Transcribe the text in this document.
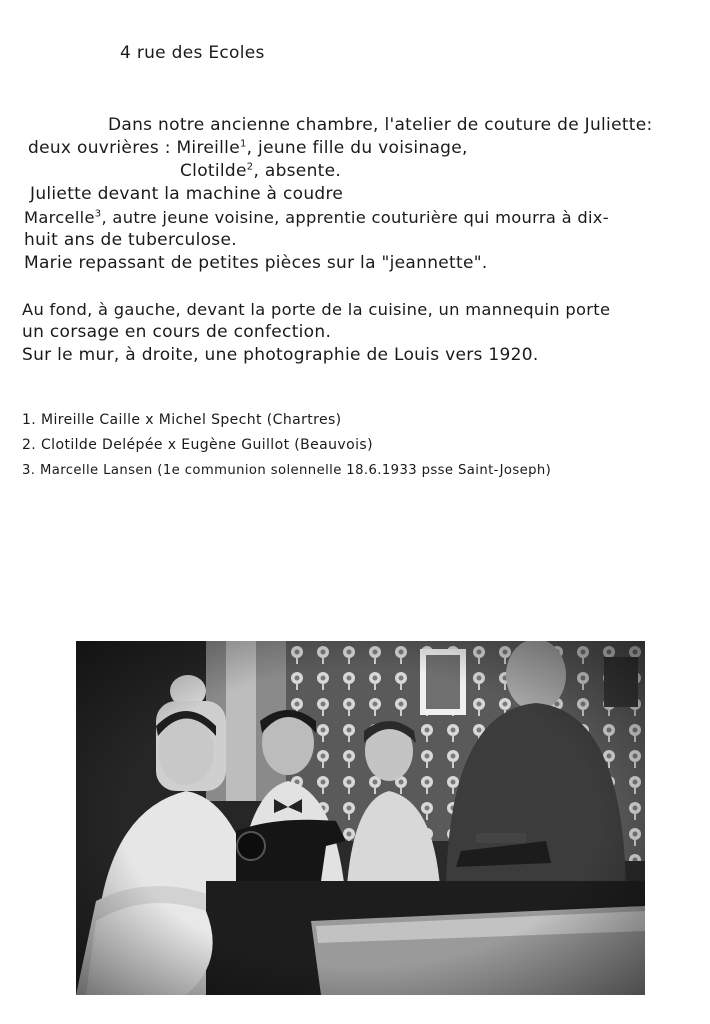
4 rue des Ecoles
Dans notre ancienne chambre, l'atelier de couture de Juliette:
deux ouvrières : Mireille$^1$, jeune fille du voisinage,
Clotilde$^2$, absente.
Juliette devant la machine à coudre
Marcelle$^3$, autre jeune voisine, apprentie couturière qui mourra à dix-
huit ans de tuberculose.
Marie repassant de petites pièces sur la "jeannette".
Au fond, à gauche, devant la porte de la cuisine, un mannequin porte
un corsage en cours de confection.
Sur le mur, à droite, une photographie de Louis vers 1920.
1. Mireille Caille x Michel Specht (Chartres)
2. Clotilde Delépée x Eugène Guillot (Beauvois)
3. Marcelle Lansen (1e communion solennelle 18.6.1933 psse Saint-Joseph)
